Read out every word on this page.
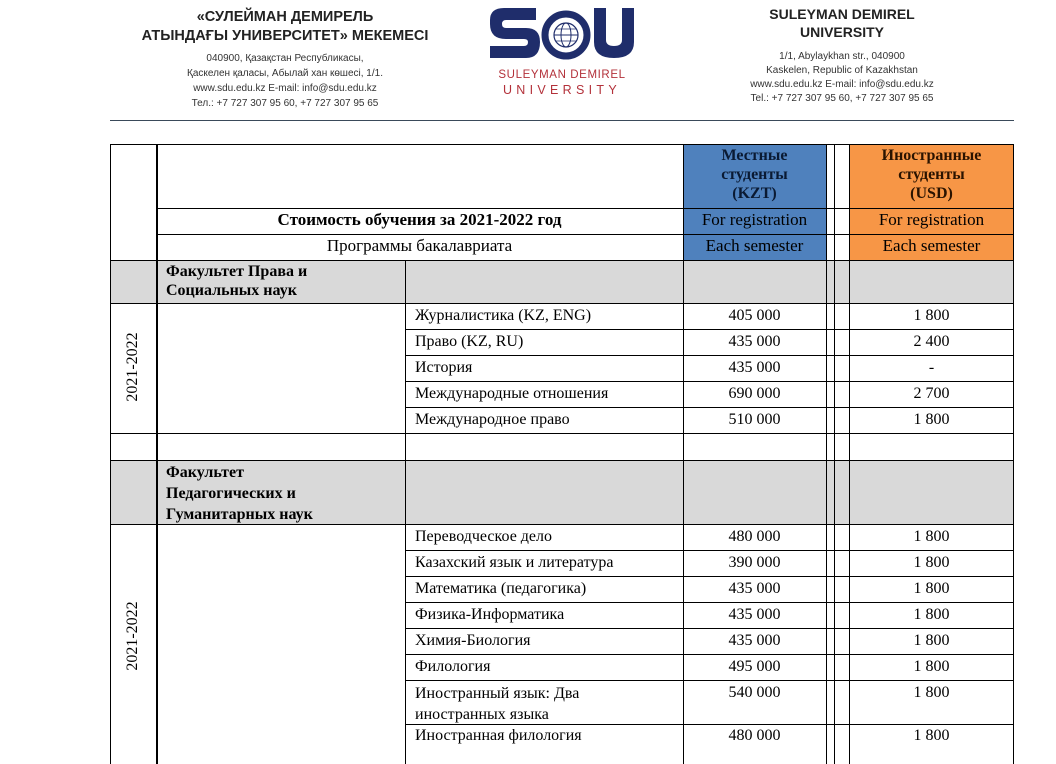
«СУЛЕЙМАН ДЕМИРЕЛЬ
АТЫНДАҒЫ УНИВЕРСИТЕТ» МЕКЕМЕСІ
040900, Қазақстан Республикасы,
Қаскелен қаласы, Абылай хан көшесі, 1/1.
www.sdu.edu.kz E-mail: info@sdu.edu.kz
Тел.: +7 727 307 95 60, +7 727 307 95 65
SULEYMAN DEMIREL
UNIVERSITY
SULEYMAN DEMIREL
UNIVERSITY
1/1, Abylaykhan str., 040900
Kaskelen, Republic of Kazakhstan
www.sdu.edu.kz E-mail: info@sdu.edu.kz
Tel.: +7 727 307 95 60, +7 727 307 95 65
Местные
студенты
(KZT)
Иностранные
студенты
(USD)
Стоимость обучения за 2021-2022 год	For registration	For registration
Программы бакалавриата	Each semester	Each semester
Факультет Права и
Социальных наук
2021-2022
Журналистика (KZ, ENG)	405 000	1 800
Право (KZ, RU)	435 000	2 400
История	435 000	-
Международные отношения	690 000	2 700
Международное право	510 000	1 800
Факультет
Педагогических и
Гуманитарных наук
2021-2022
Переводческое дело	480 000	1 800
Казахский язык и литература	390 000	1 800
Математика (педагогика)	435 000	1 800
Физика-Информатика	435 000	1 800
Химия-Биология	435 000	1 800
Филология	495 000	1 800
Иностранный язык: Два
иностранных языка
540 000	1 800
Иностранная филология	480 000	1 800
